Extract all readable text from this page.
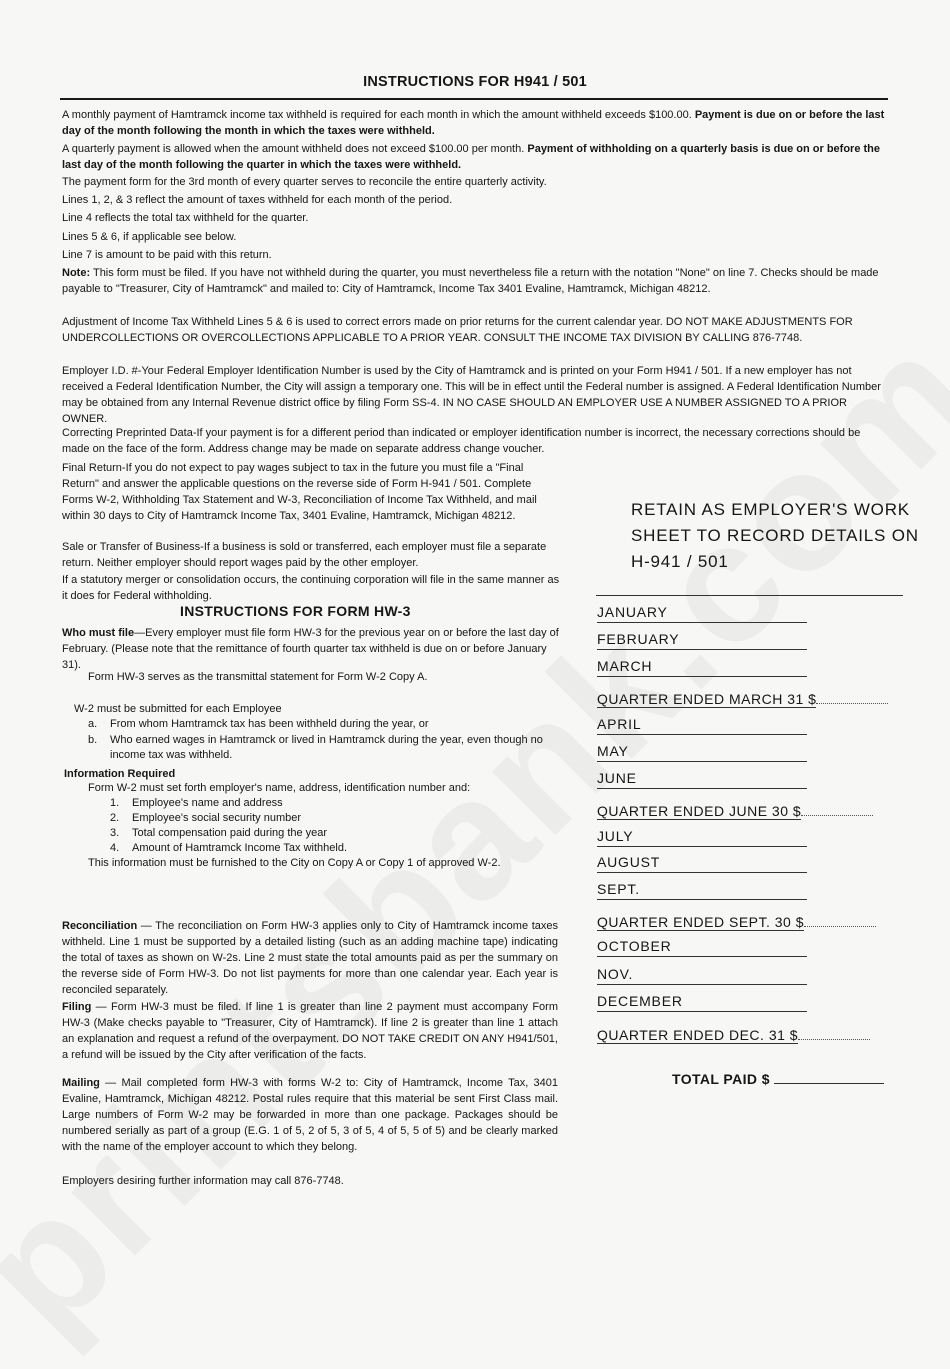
INSTRUCTIONS FOR H941 / 501
A monthly payment of Hamtramck income tax withheld is required for each month in which the amount withheld exceeds $100.00. Payment is due on or before the last day of the month following the month in which the taxes were withheld.
A quarterly payment is allowed when the amount withheld does not exceed $100.00 per month. Payment of withholding on a quarterly basis is due on or before the last day of the month following the quarter in which the taxes were withheld.
The payment form for the 3rd month of every quarter serves to reconcile the entire quarterly activity.
Lines 1, 2, & 3 reflect the amount of taxes withheld for each month of the period.
Line 4 reflects the total tax withheld for the quarter.
Lines 5 & 6, if applicable see below.
Line 7 is amount to be paid with this return.
Note: This form must be filed. If you have not withheld during the quarter, you must nevertheless file a return with the notation "None" on line 7. Checks should be made payable to "Treasurer, City of Hamtramck" and mailed to: City of Hamtramck, Income Tax 3401 Evaline, Hamtramck, Michigan 48212.
Adjustment of Income Tax Withheld Lines 5 & 6 is used to correct errors made on prior returns for the current calendar year. DO NOT MAKE ADJUSTMENTS FOR UNDERCOLLECTIONS OR OVERCOLLECTIONS APPLICABLE TO A PRIOR YEAR. CONSULT THE INCOME TAX DIVISION BY CALLING 876-7748.
Employer I.D. #-Your Federal Employer Identification Number is used by the City of Hamtramck and is printed on your Form H941 / 501. If a new employer has not received a Federal Identification Number, the City will assign a temporary one. This will be in effect until the Federal number is assigned. A Federal Identification Number may be obtained from any Internal Revenue district office by filing Form SS-4. IN NO CASE SHOULD AN EMPLOYER USE A NUMBER ASSIGNED TO A PRIOR OWNER.
Correcting Preprinted Data-If your payment is for a different period than indicated or employer identification number is incorrect, the necessary corrections should be made on the face of the form. Address change may be made on separate address change voucher.
Final Return-If you do not expect to pay wages subject to tax in the future you must file a "Final Return" and answer the applicable questions on the reverse side of Form H-941 / 501. Complete Forms W-2, Withholding Tax Statement and W-3, Reconciliation of Income Tax Withheld, and mail within 30 days to City of Hamtramck Income Tax, 3401 Evaline, Hamtramck, Michigan 48212.
Sale or Transfer of Business-If a business is sold or transferred, each employer must file a separate return. Neither employer should report wages paid by the other employer.
If a statutory merger or consolidation occurs, the continuing corporation will file in the same manner as it does for Federal withholding.
INSTRUCTIONS FOR FORM HW-3
Who must file—Every employer must file form HW-3 for the previous year on or before the last day of February. (Please note that the remittance of fourth quarter tax withheld is due on or before January 31).
Form HW-3 serves as the transmittal statement for Form W-2 Copy A.
W-2 must be submitted for each Employee
a. From whom Hamtramck tax has been withheld during the year, or
b. Who earned wages in Hamtramck or lived in Hamtramck during the year, even though no income tax was withheld.
Information Required
Form W-2 must set forth employer's name, address, identification number and:
1. Employee's name and address
2. Employee's social security number
3. Total compensation paid during the year
4. Amount of Hamtramck Income Tax withheld.
This information must be furnished to the City on Copy A or Copy 1 of approved W-2.
Reconciliation — The reconciliation on Form HW-3 applies only to City of Hamtramck income taxes withheld. Line 1 must be supported by a detailed listing (such as an adding machine tape) indicating the total of taxes as shown on W-2s. Line 2 must state the total amounts paid as per the summary on the reverse side of Form HW-3. Do not list payments for more than one calendar year. Each year is reconciled separately.
Filing — Form HW-3 must be filed. If line 1 is greater than line 2 payment must accompany Form HW-3 (Make checks payable to "Treasurer, City of Hamtramck). If line 2 is greater than line 1 attach an explanation and request a refund of the overpayment. DO NOT TAKE CREDIT ON ANY H941/501, a refund will be issued by the City after verification of the facts.
Mailing — Mail completed form HW-3 with forms W-2 to: City of Hamtramck, Income Tax, 3401 Evaline, Hamtramck, Michigan 48212. Postal rules require that this material be sent First Class mail. Large numbers of Form W-2 may be forwarded in more than one package. Packages should be numbered serially as part of a group (E.G. 1 of 5, 2 of 5, 3 of 5, 4 of 5, 5 of 5) and be clearly marked with the name of the employer account to which they belong.
Employers desiring further information may call 876-7748.
RETAIN AS EMPLOYER'S WORK SHEET TO RECORD DETAILS ON H-941 / 501
JANUARY
FEBRUARY
MARCH
QUARTER ENDED MARCH 31 $
APRIL
MAY
JUNE
QUARTER ENDED JUNE 30 $
JULY
AUGUST
SEPT.
QUARTER ENDED SEPT. 30 $
OCTOBER
NOV.
DECEMBER
QUARTER ENDED DEC. 31 $
TOTAL PAID $
